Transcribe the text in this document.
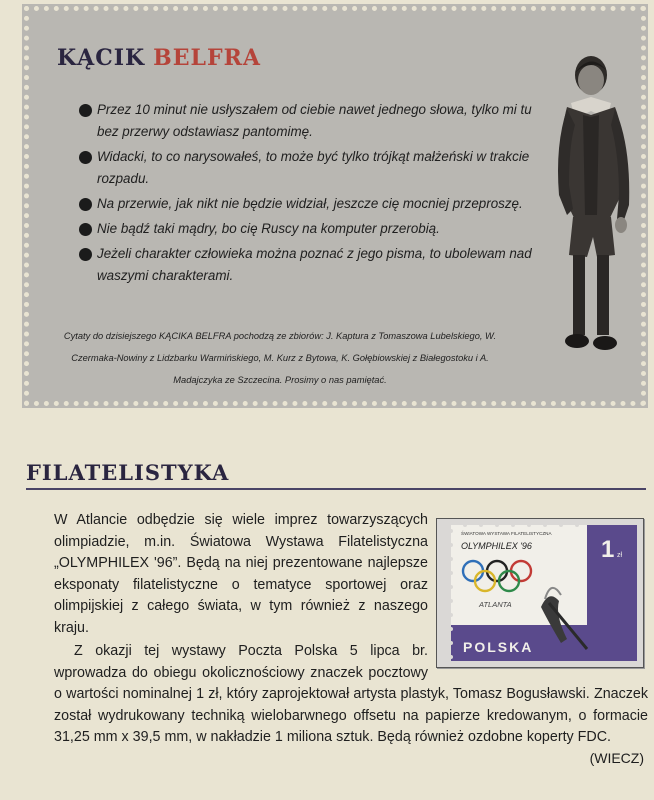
KĄCIK BELFRA
Przez 10 minut nie usłyszałem od ciebie nawet jednego słowa, tylko mi tu bez przerwy odstawiasz pantomimę.
Widacki, to co narysowałeś, to może być tylko trójkąt małżeński w trakcie rozpadu.
Na przerwie, jak nikt nie będzie widział, jeszcze cię mocniej przeproszę.
Nie bądź taki mądry, bo cię Ruscy na komputer przerobią.
Jeżeli charakter człowieka można poznać z jego pisma, to ubolewam nad waszymi charakterami.
Cytaty do dzisiejszego KĄCIKA BELFRA pochodzą ze zbiorów: J. Kaptura z Tomaszowa Lubelskiego, W. Czermaka-Nowiny z Lidzbarku Warmińskiego, M. Kurz z Bytowa, K. Gołębiowskiej z Białegostoku i A. Madajczyka ze Szczecina. Prosimy o nas pamiętać.
FILATELISTYKA

W Atlancie odbędzie się wiele imprez towarzyszących olimpiadzie, m.in. Światowa Wystawa Filatelistyczna „OLYMPHILEX '96”. Będą na niej prezentowane najlepsze eksponaty filatelistyczne o tematyce sportowej oraz olimpijskiej z całego świata, w tym również z naszego kraju.

Z okazji tej wystawy Poczta Polska 5 lipca br. wprowadza do obiegu okolicznościowy znaczek pocztowy o wartości nominalnej 1 zł, który zaprojektował artysta plastyk, Tomasz Bogusławski. Znaczek został wydrukowany techniką wielobarwnego offsetu na papierze kredowanym, o formacie 31,25 mm x 39,5 mm, w nakładzie 1 miliona sztuk. Będą również ozdobne koperty FDC.

(WIECZ)
ŚWIATOWA WYSTAWA FILATELISTYCZNA
OLYMPHILEX '96
ATLANTA
1 zł
POLSKA
